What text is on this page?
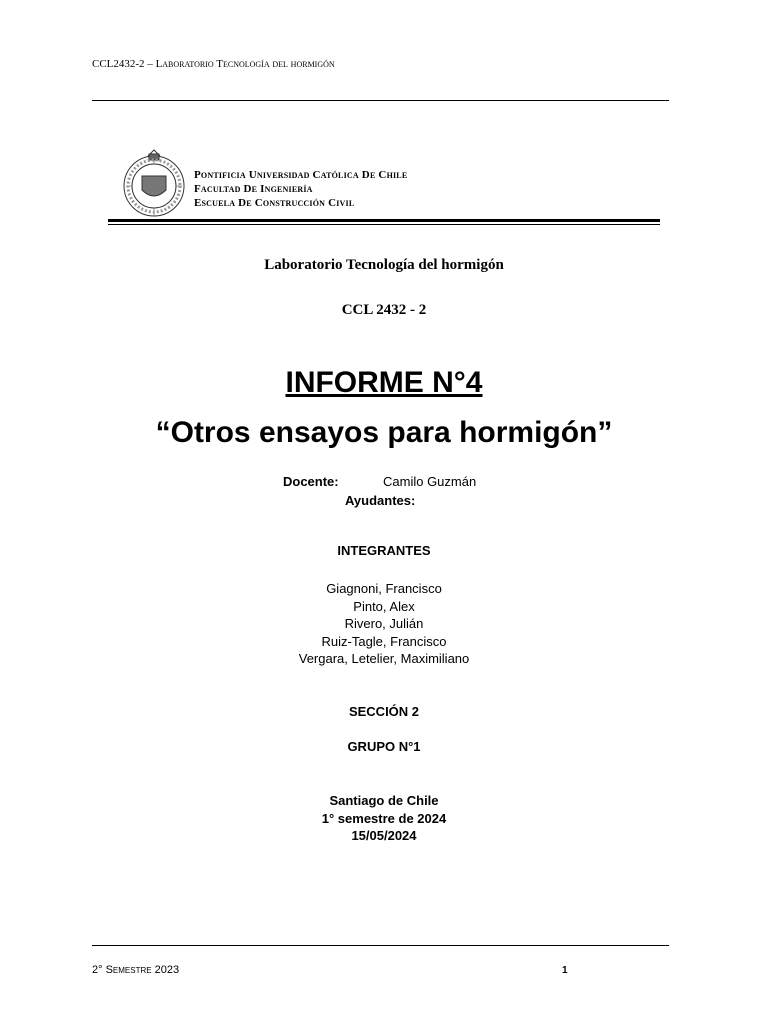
CCL2432-2 – Laboratorio Tecnología del hormigón
Pontificia Universidad Católica De Chile
Facultad De Ingeniería
Escuela De Construcción Civil
Laboratorio Tecnología del hormigón
CCL 2432 - 2
INFORME N°4
“Otros ensayos para hormigón”
Docente:	Camilo Guzmán
Ayudantes:
INTEGRANTES
Giagnoni, Francisco
Pinto, Alex
Rivero, Julián
Ruiz-Tagle, Francisco
Vergara, Letelier, Maximiliano
SECCIÓN 2
GRUPO N°1
Santiago de Chile
1° semestre de 2024
15/05/2024
2° Semestre 2023	1
